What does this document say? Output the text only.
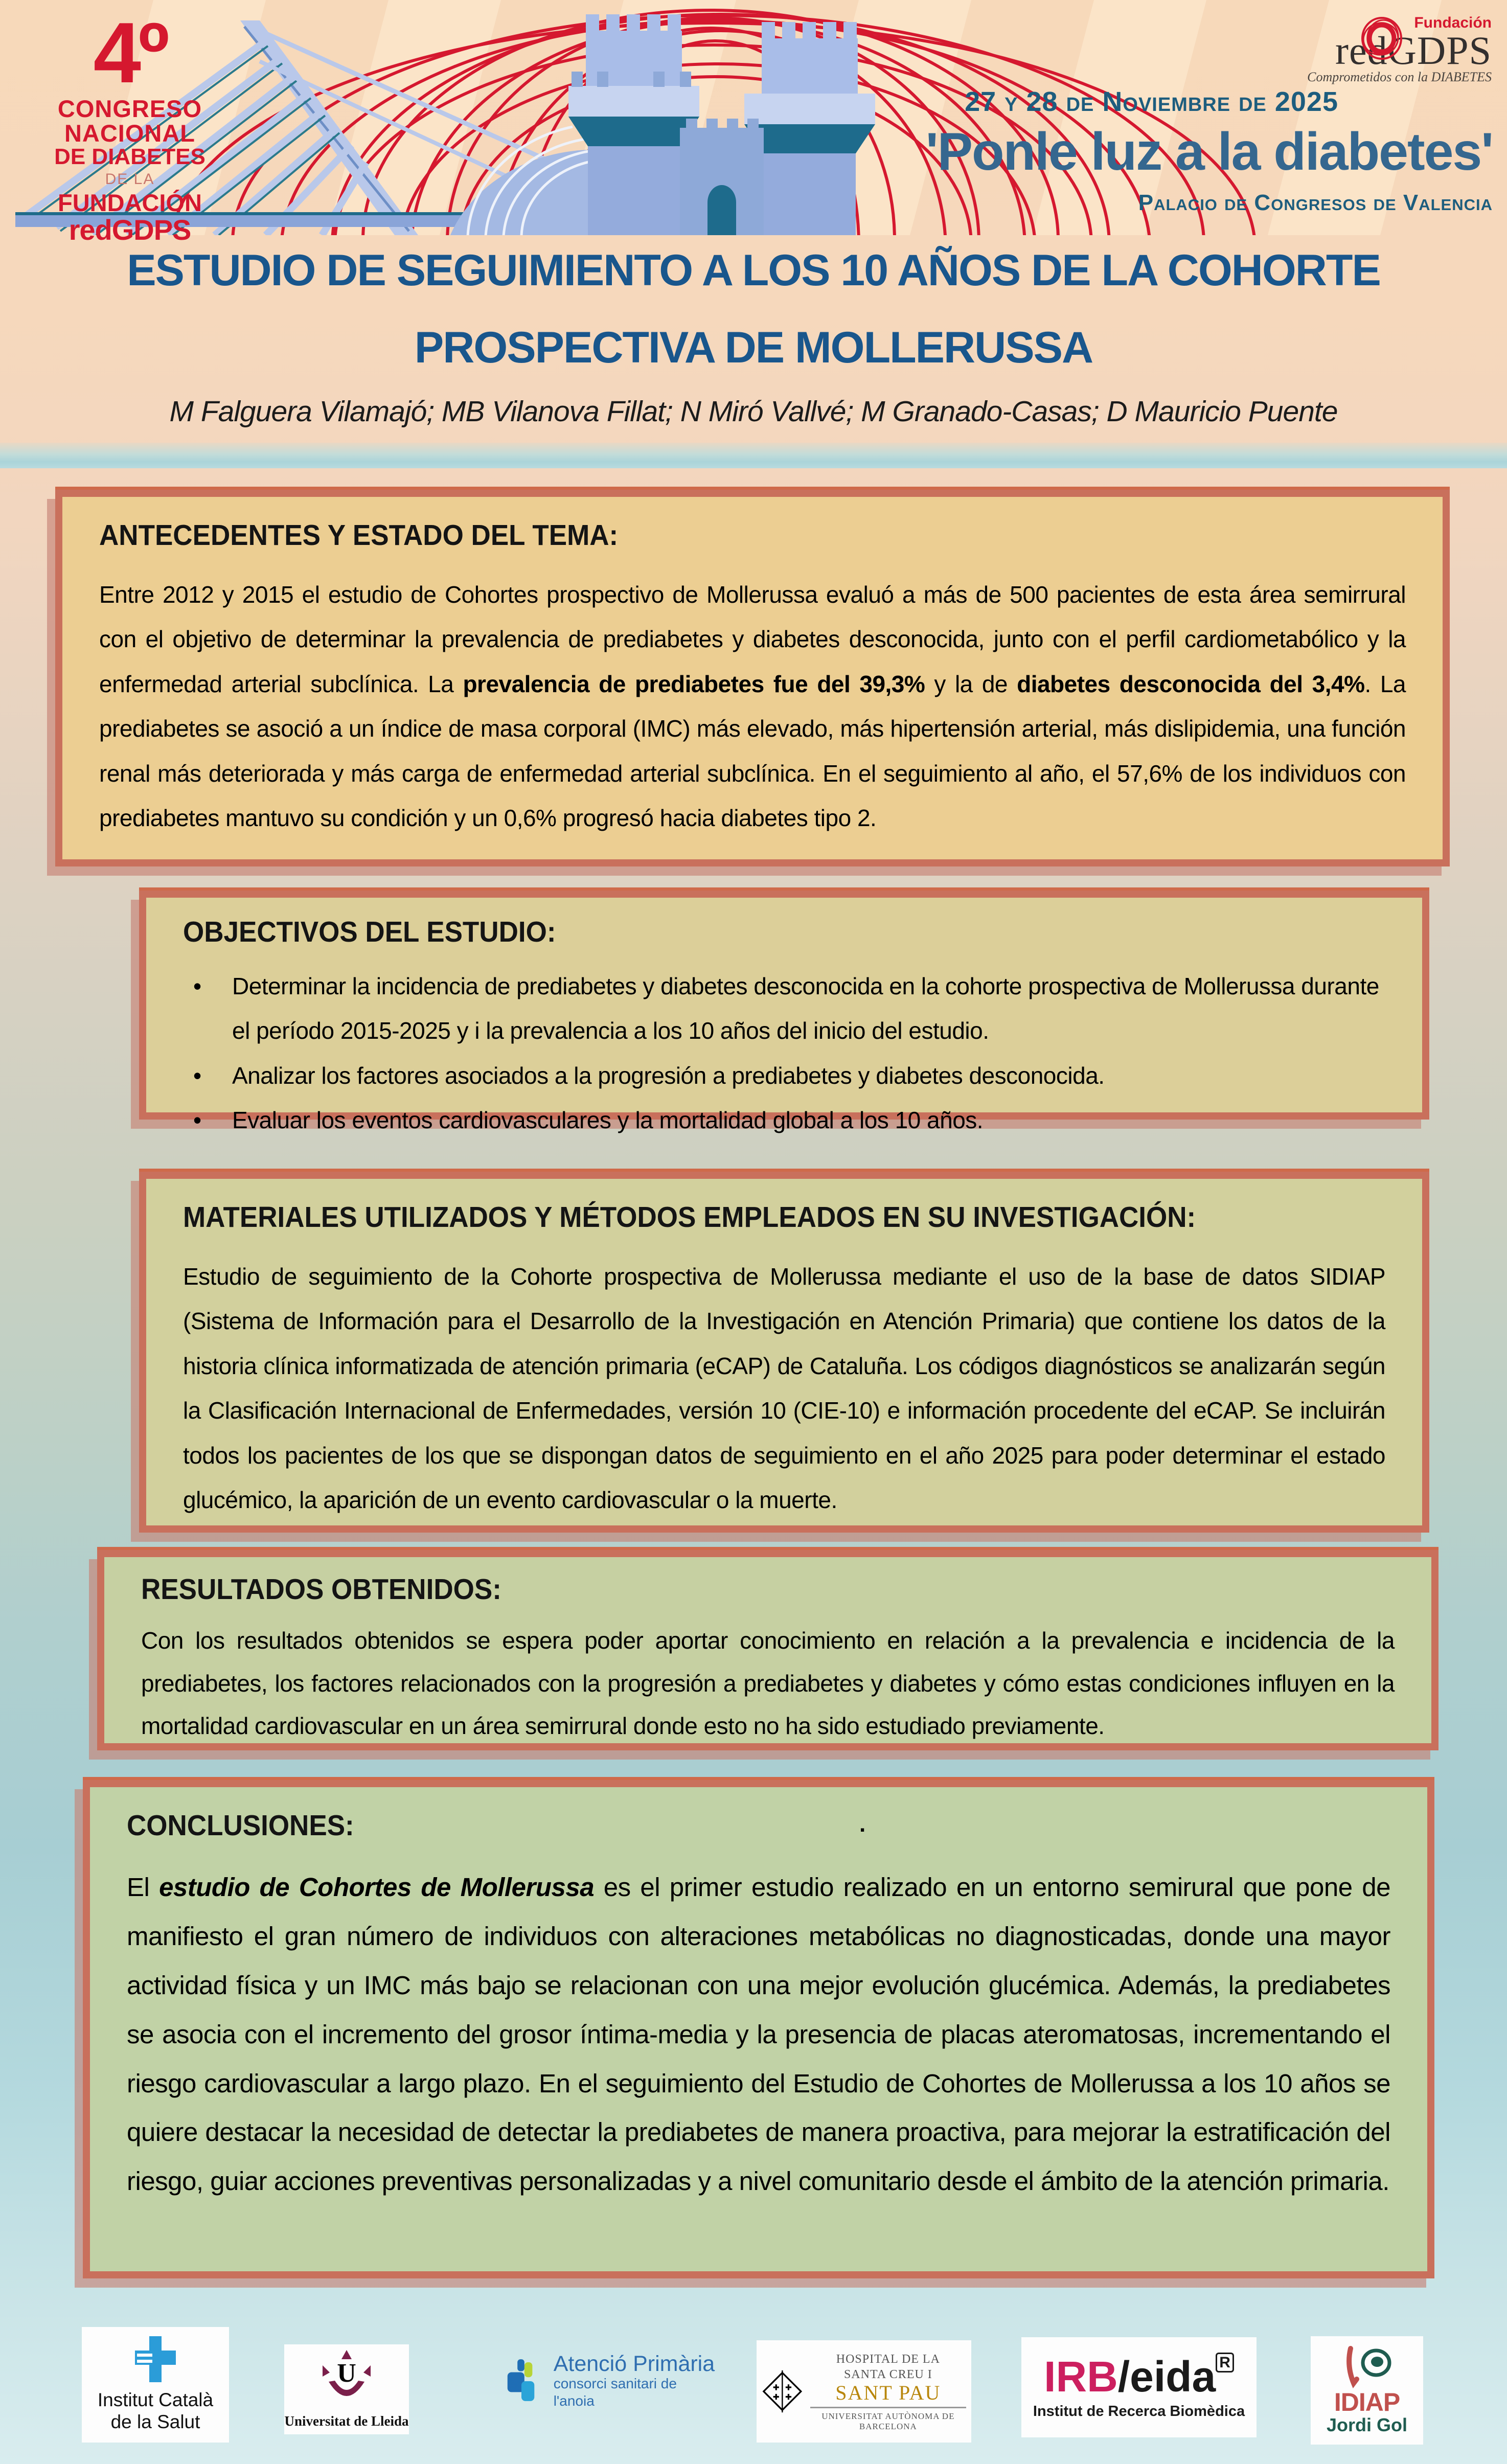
4º
CONGRESO
NACIONAL
DE DIABETES
DE LA
FUNDACIÓN
redGDPS
Fundación
redGDPS
Comprometidos con la DIABETES
27 y 28 de Noviembre de 2025
'Ponle luz a la diabetes'
Palacio de Congresos de Valencia
ESTUDIO DE SEGUIMIENTO A LOS 10 AÑOS DE LA COHORTE
PROSPECTIVA DE MOLLERUSSA
M Falguera Vilamajó; MB Vilanova Fillat; N Miró Vallvé; M Granado-Casas; D Mauricio Puente
ANTECEDENTES Y ESTADO DEL TEMA:

Entre 2012 y 2015 el estudio de Cohortes prospectivo de Mollerussa evaluó a más de 500 pacientes de esta área semirrural con el objetivo de determinar la prevalencia de prediabetes y diabetes desconocida, junto con el perfil cardiometabólico y la enfermedad arterial subclínica. La prevalencia de prediabetes fue del 39,3% y la de diabetes desconocida del 3,4%. La prediabetes se asoció a un índice de masa corporal (IMC) más elevado, más hipertensión arterial, más dislipidemia, una función renal más deteriorada y más carga de enfermedad arterial subclínica. En el seguimiento al año, el 57,6% de los individuos con prediabetes mantuvo su condición y un 0,6% progresó hacia diabetes tipo 2.

OBJECTIVOS DEL ESTUDIO:
• Determinar la incidencia de prediabetes y diabetes desconocida en la cohorte prospectiva de Mollerussa durante el período 2015-2025 y i la prevalencia a los 10 años del inicio del estudio.
• Analizar los factores asociados a la progresión a prediabetes y diabetes desconocida.
• Evaluar los eventos cardiovasculares y la mortalidad global a los 10 años.
MATERIALES UTILIZADOS Y MÉTODOS EMPLEADOS EN SU INVESTIGACIÓN:

Estudio de seguimiento de la Cohorte prospectiva de Mollerussa mediante el uso de la base de datos SIDIAP (Sistema de Información para el Desarrollo de la Investigación en Atención Primaria) que contiene los datos de la historia clínica informatizada de atención primaria (eCAP) de Cataluña. Los códigos diagnósticos se analizarán según la Clasificación Internacional de Enfermedades, versión 10 (CIE-10) e información procedente del eCAP. Se incluirán todos los pacientes de los que se dispongan datos de seguimiento en el año 2025 para poder determinar el estado glucémico, la aparición de un evento cardiovascular o la muerte.

RESULTADOS OBTENIDOS:

Con los resultados obtenidos se espera poder aportar conocimiento en relación a la prevalencia e incidencia de la prediabetes, los factores relacionados con la progresión a prediabetes y diabetes y cómo estas condiciones influyen en la mortalidad cardiovascular en un área semirrural donde esto no ha sido estudiado previamente.

.
CONCLUSIONES:

El estudio de Cohortes de Mollerussa es el primer estudio realizado en un entorno semirural que pone de manifiesto el gran número de individuos con alteraciones metabólicas no diagnosticadas, donde una mayor actividad física y un IMC más bajo se relacionan con una mejor evolución glucémica. Además, la prediabetes se asocia con el incremento del grosor íntima-media y la presencia de placas ateromatosas, incrementando el riesgo cardiovascular a largo plazo. En el seguimiento del Estudio de Cohortes de Mollerussa a los 10 años se quiere destacar la necesidad de detectar la prediabetes de manera proactiva, para mejorar la estratificación del riesgo, guiar acciones preventivas personalizadas y a nivel comunitario desde el ámbito de la atención primaria.

Institut Català
de la Salut
U
Universitat de Lleida
Atenció Primària
consorci sanitari de l'anoia
HOSPITAL DE LA
SANTA CREU I
SANT PAU
UNIVERSITAT AUTÒNOMA DE BARCELONA
IRB/eida $^R$
Institut de Recerca Biomèdica	IDIAP
Jordi Gol
